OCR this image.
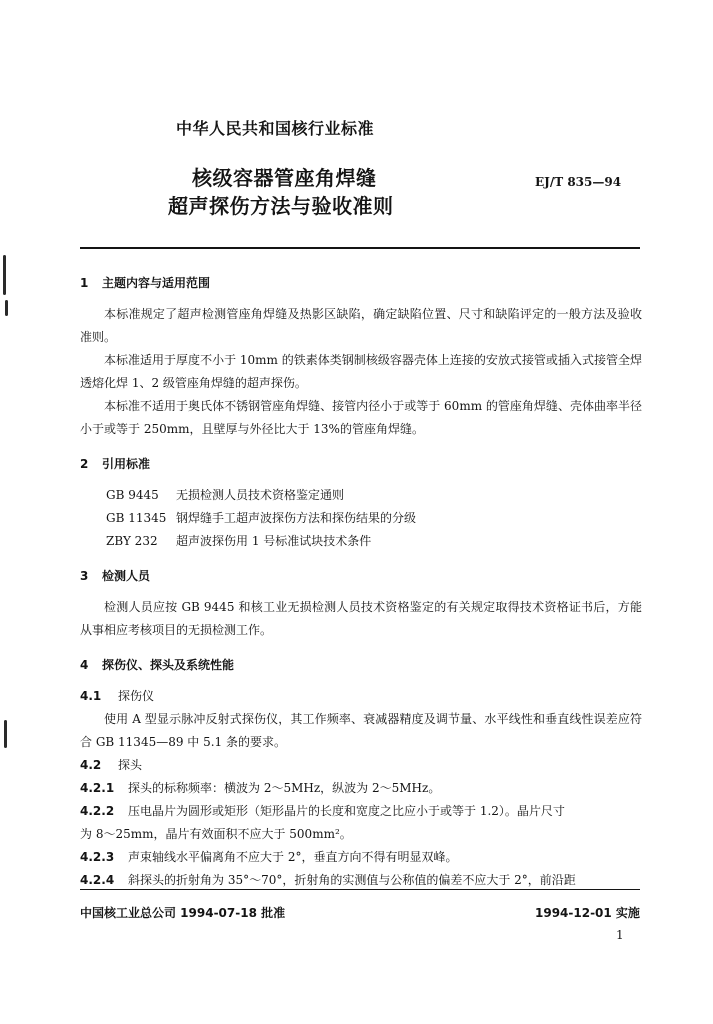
中华人民共和国核行业标准
核级容器管座角焊缝
超声探伤方法与验收准则
EJ/T 835—94
1 主题内容与适用范围
本标准规定了超声检测管座角焊缝及热影区缺陷，确定缺陷位置、尺寸和缺陷评定的一般方法及验收准则。
本标准适用于厚度不小于 10mm 的铁素体类钢制核级容器壳体上连接的安放式接管或插入式接管全焊透熔化焊 1、2 级管座角焊缝的超声探伤。
本标准不适用于奥氏体不锈钢管座角焊缝、接管内径小于或等于 60mm 的管座角焊缝、壳体曲率半径小于或等于 250mm，且壁厚与外径比大于 13%的管座角焊缝。
2 引用标准
GB 9445 无损检测人员技术资格鉴定通则
GB 11345 钢焊缝手工超声波探伤方法和探伤结果的分级
ZBY 232 超声波探伤用 1 号标准试块技术条件
3 检测人员
检测人员应按 GB 9445 和核工业无损检测人员技术资格鉴定的有关规定取得技术资格证书后，方能从事相应考核项目的无损检测工作。
4 探伤仪、探头及系统性能
4.1 探伤仪
使用 A 型显示脉冲反射式探伤仪，其工作频率、衰减器精度及调节量、水平线性和垂直线性误差应符合 GB 11345—89 中 5.1 条的要求。
4.2 探头
4.2.1 探头的标称频率：横波为 2～5MHz，纵波为 2～5MHz。
4.2.2 压电晶片为圆形或矩形（矩形晶片的长度和宽度之比应小于或等于 1.2）。晶片尺寸
为 8～25mm，晶片有效面积不应大于 500mm²。
4.2.3 声束轴线水平偏离角不应大于 2°，垂直方向不得有明显双峰。
4.2.4 斜探头的折射角为 35°～70°，折射角的实测值与公称值的偏差不应大于 2°，前沿距
中国核工业总公司 1994-07-18 批准	1994-12-01 实施
1
